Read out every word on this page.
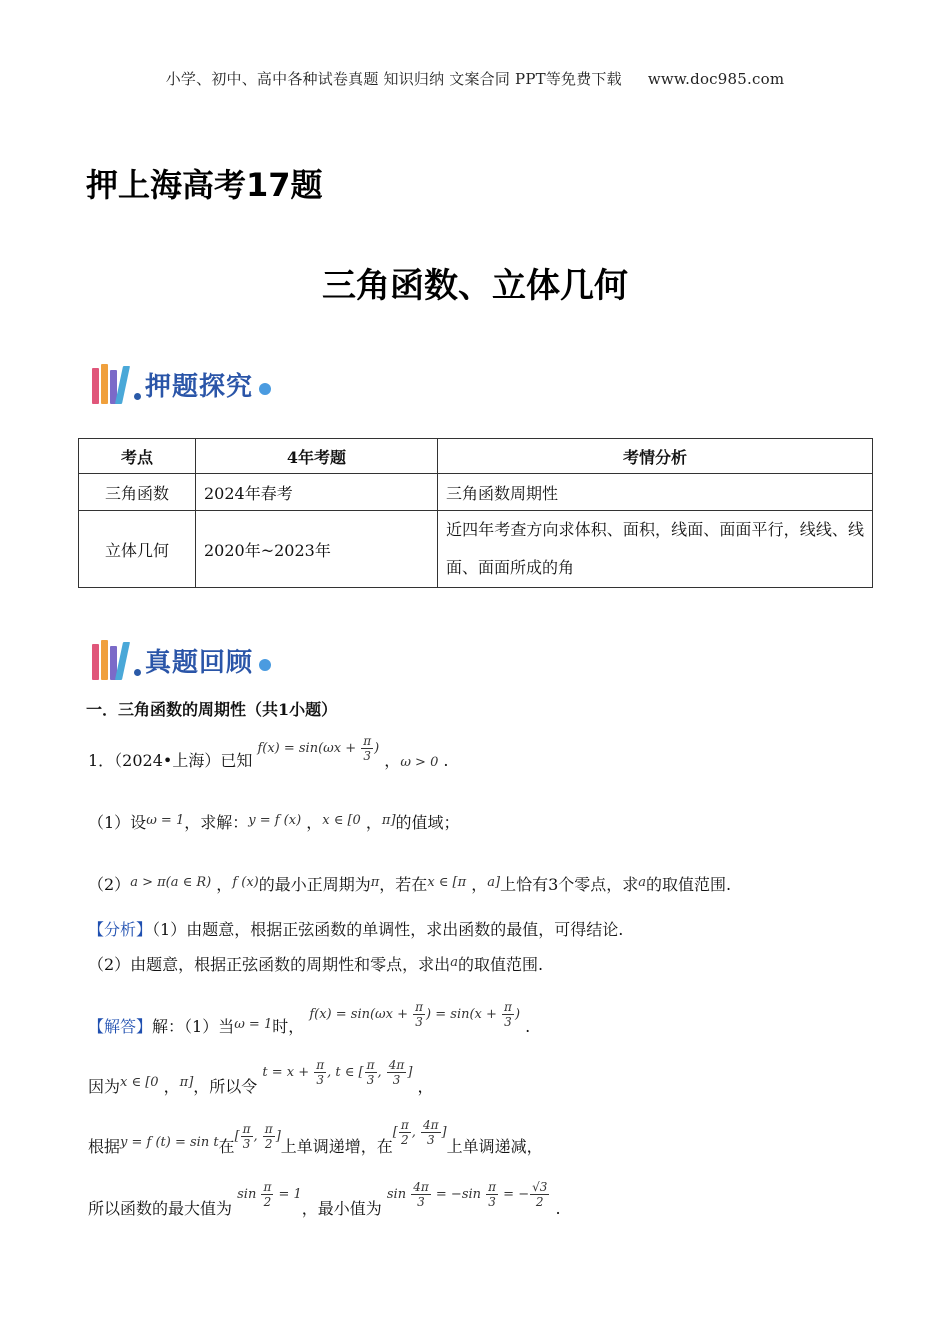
小学、初中、高中各种试卷真题 知识归纳 文案合同 PPT等免费下载 www.doc985.com
押上海高考17题
三角函数、立体几何
押题探究
考点	4年考题	考情分析
三角函数	2024年春考	三角函数周期性
立体几何	2020年~2023年	近四年考查方向求体积、面积，线面、面面平行，线线、线面、面面所成的角
真题回顾
一．三角函数的周期性（共1小题）
1．（2024•上海）已知 $^{f(x) = sin(\omega x + \frac{\pi}{3} )}$ ，ω > 0 .
（1）设$^{\omega = 1}$，求解：$^{y = f (x)}$ ，$^{x \in [0}$ ，$^{\pi]}$的值域；
$(2)^{a > \pi(a \in R)}$ ，$^{f (x)}$的最小正周期为$^\pi$，若在$^{x \in [\pi}$ ，$^{a]}$上恰有3个零点，求$^a$的取值范围.
【分析】（1）由题意，根据正弦函数的单调性，求出函数的最值，可得结论.
（2）由题意，根据正弦函数的周期性和零点，求出$^a$的取值范围.
【解答】解：（1）当$^{\omega = 1}$时， $^{f(x) = sin(\omega x + \frac{\pi}{3} ) = sin(x + \frac{\pi}{3} )}$ .
因为$^{x \in [0}$ ，$^{\pi]}$，所以令 $^{t = x + \frac{\pi}{3} , t \in [ \frac{\pi}{3} , \frac{4\pi}{3} ]}$ ，
根据$^{y = f (t) = sin t}$在[ π
3 , π
2 ]上单调递增，在[ π
2 , 4π
3 ]上单调递减，
所以函数的最大值为 $^{sin \frac{\pi}{2} = 1}$，最小值为 $^{sin \frac{4\pi}{3} = -sin \frac{\pi}{3} = - \frac{√3}{2}}$ .
